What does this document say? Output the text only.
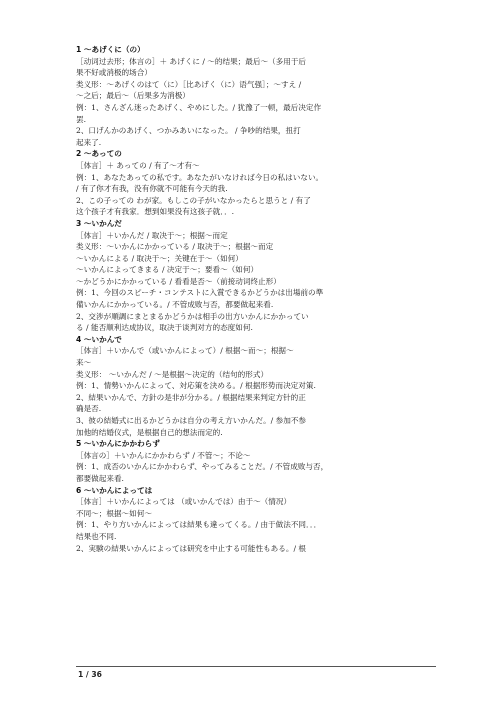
1 ～あげくに（の）
［动词过去形；体言の］＋ あげくに / ～的结果；最后～（多用于后
果不好或消极的场合）
类义形：～あげくのはて（に）［比あげく（に）语气强］；～すえ /
～之后；最后～（后果多为消极）
例：1、さんざん迷ったあげく、やめにした。/ 犹豫了一顿，最后决定作
罢.
2、口げんかのあげく、つかみあいになった。 / 争吵的结果，扭打
起来了.
2 ～あっての
［体言］＋ あっての / 有了～才有～
例：1、あなたあっての私です。あなたがいなければ今日の私はいない。
/ 有了你才有我，没有你就不可能有今天的我.
2、この子っての わが家。もしこの子がいなかったらと思うと / 有了
这个孩子才有我家．想到如果没有这孩子就．．.
3 ～いかんだ
［体言］＋いかんだ / 取决于～；根据～而定
类义形：～いかんにかかっている / 取决于～；根据～而定
～いかんによる / 取决于～；关键在于～（如何）
～いかんによってきまる / 决定于～；要看～（如何）
～かどうかにかかっている / 看看是否～（前接动词终止形）
例：1、今回のスピーチ・コンテストに入賞できるかどうかは出場前の準
備いかんにかかっている。/ 不管成败与否，都要做起来看.
2、交渉が順調にまとまるかどうかは相手の出方いかんにかかってい
る / 能否顺利达成协议，取决于谈判对方的态度如何.
4 ～いかんで
［体言］＋いかんで（或いかんによって）/ 根据～而～；根据～
来～
类义形： ～いかんだ / ～是根据～决定的（结句的形式）
例：1、情勢いかんによって、対応策を決める。/ 根据形势而决定对策.
2、結果いかんで、方針の是非が分かる。/ 根据结果来判定方针的正
确是否.
3、彼の結婚式に出るかどうかは自分の考え方いかんだ。/ 参加不参
加他的结婚仪式，是根据自己的想法而定的.
5 ～いかんにかかわらず
［体言の］＋いかんにかかわらず / 不管～；不论～
例：1、成否のいかんにかかわらず、やってみることだ。/ 不管成败与否，
都要做起来看.
6 ～いかんによっては
［体言］＋いかんによっては （或いかんでは）由于～（情况）
不同～；根据～如何～
例：1、やり方いかんによっては結果も違ってくる。/ 由于做法不同．．．
结果也不同.
2、実験の結果いかんによっては研究を中止する可能性もある。/ 根
1 / 36
